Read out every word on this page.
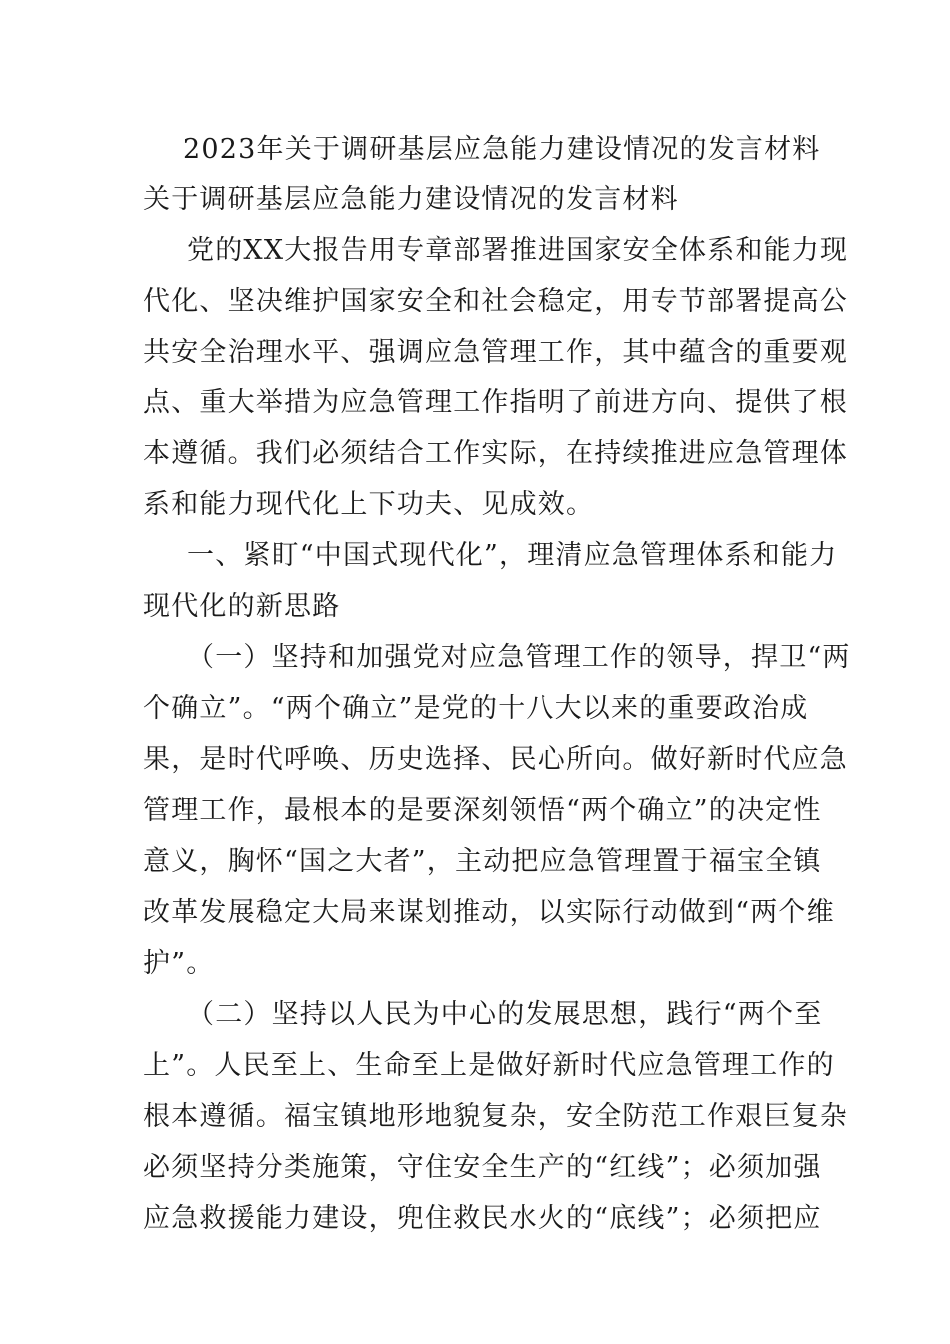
2023年关于调研基层应急能力建设情况的发言材料
关于调研基层应急能力建设情况的发言材料
党的XX大报告用专章部署推进国家安全体系和能力现
代化、坚决维护国家安全和社会稳定，用专节部署提高公
共安全治理水平、强调应急管理工作，其中蕴含的重要观
点、重大举措为应急管理工作指明了前进方向、提供了根
本遵循。我们必须结合工作实际，在持续推进应急管理体
系和能力现代化上下功夫、见成效。
一、紧盯“中国式现代化”，理清应急管理体系和能力
现代化的新思路
（一）坚持和加强党对应急管理工作的领导，捍卫“两
个确立”。“两个确立”是党的十八大以来的重要政治成
果，是时代呼唤、历史选择、民心所向。做好新时代应急
管理工作，最根本的是要深刻领悟“两个确立”的决定性
意义，胸怀“国之大者”，主动把应急管理置于福宝全镇
改革发展稳定大局来谋划推动，以实际行动做到“两个维
护”。
（二）坚持以人民为中心的发展思想，践行“两个至
上”。人民至上、生命至上是做好新时代应急管理工作的
根本遵循。福宝镇地形地貌复杂，安全防范工作艰巨复杂
必须坚持分类施策，守住安全生产的“红线”；必须加强
应急救援能力建设，兜住救民水火的“底线”；必须把应
